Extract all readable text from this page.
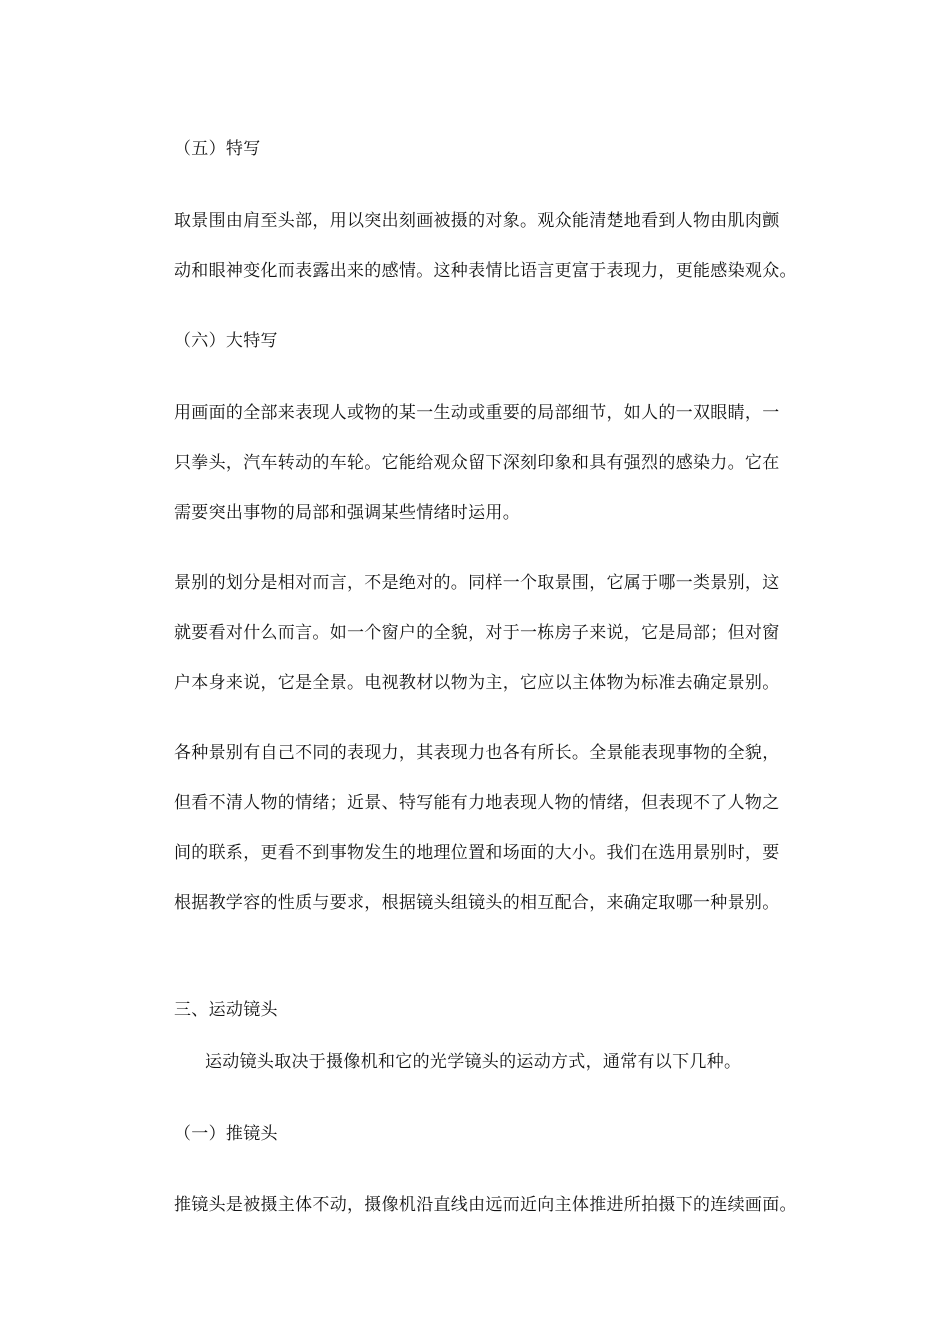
（五）特写

取景围由肩至头部，用以突出刻画被摄的对象。观众能清楚地看到人物由肌肉颤

动和眼神变化而表露出来的感情。这种表情比语言更富于表现力，更能感染观众。

（六）大特写

用画面的全部来表现人或物的某一生动或重要的局部细节，如人的一双眼睛，一

只拳头，汽车转动的车轮。它能给观众留下深刻印象和具有强烈的感染力。它在

需要突出事物的局部和强调某些情绪时运用。

景别的划分是相对而言，不是绝对的。同样一个取景围，它属于哪一类景别，这

就要看对什么而言。如一个窗户的全貌，对于一栋房子来说，它是局部；但对窗

户本身来说，它是全景。电视教材以物为主，它应以主体物为标准去确定景别。

各种景别有自己不同的表现力，其表现力也各有所长。全景能表现事物的全貌，

但看不清人物的情绪；近景、特写能有力地表现人物的情绪，但表现不了人物之

间的联系，更看不到事物发生的地理位置和场面的大小。我们在选用景别时，要

根据教学容的性质与要求，根据镜头组镜头的相互配合，来确定取哪一种景别。

三、运动镜头

运动镜头取决于摄像机和它的光学镜头的运动方式，通常有以下几种。

（一）推镜头

推镜头是被摄主体不动，摄像机沿直线由远而近向主体推进所拍摄下的连续画面。
